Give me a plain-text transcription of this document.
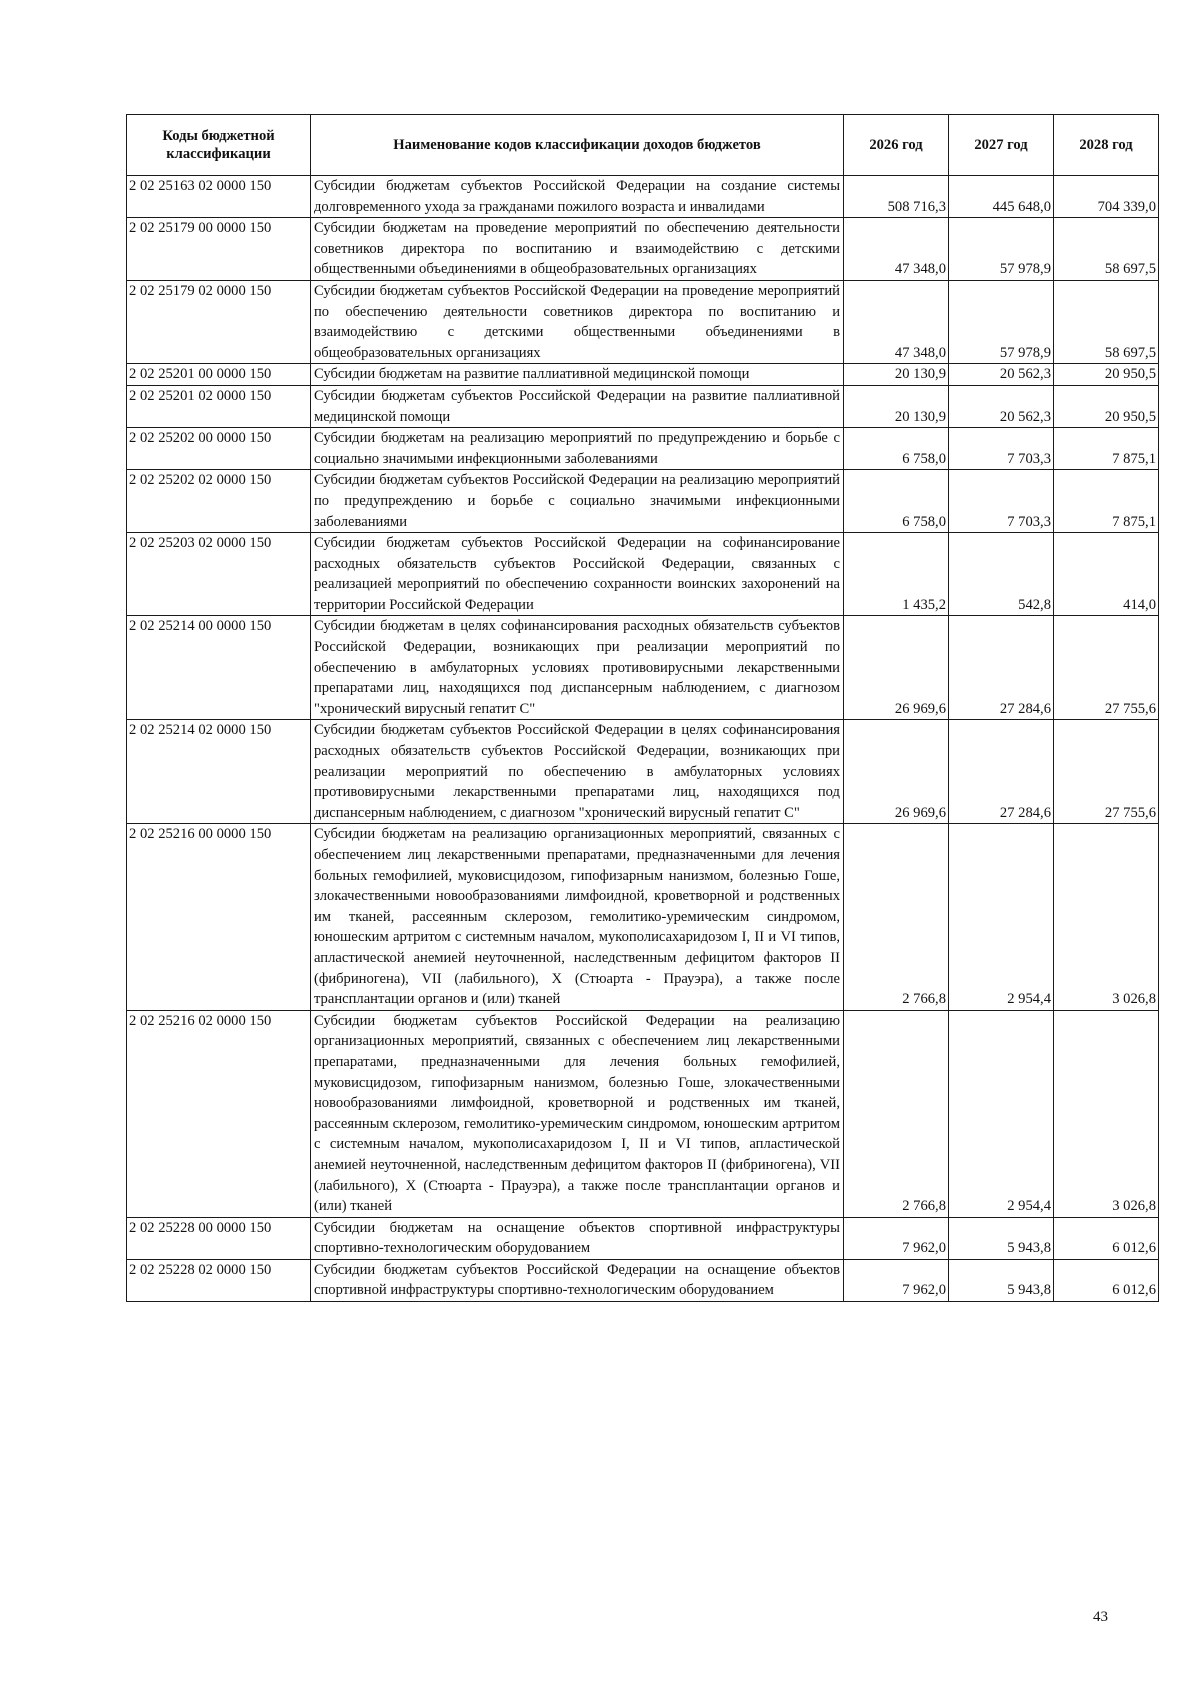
Коды бюджетной классификации	Наименование кодов классификации доходов бюджетов	2026 год	2027 год	2028 год
2 02 25163 02 0000 150	Субсидии бюджетам субъектов Российской Федерации на создание системы долговременного ухода за гражданами пожилого возраста и инвалидами	508 716,3	445 648,0	704 339,0
2 02 25179 00 0000 150	Субсидии бюджетам на проведение мероприятий по обеспечению деятельности советников директора по воспитанию и взаимодействию с детскими общественными объединениями в общеобразовательных организациях	47 348,0	57 978,9	58 697,5
2 02 25179 02 0000 150	Субсидии бюджетам субъектов Российской Федерации на проведение мероприятий по обеспечению деятельности советников директора по воспитанию и взаимодействию с детскими общественными объединениями в общеобразовательных организациях	47 348,0	57 978,9	58 697,5
2 02 25201 00 0000 150	Субсидии бюджетам на развитие паллиативной медицинской помощи	20 130,9	20 562,3	20 950,5
2 02 25201 02 0000 150	Субсидии бюджетам субъектов Российской Федерации на развитие паллиативной медицинской помощи	20 130,9	20 562,3	20 950,5
2 02 25202 00 0000 150	Субсидии бюджетам на реализацию мероприятий по предупреждению и борьбе с социально значимыми инфекционными заболеваниями	6 758,0	7 703,3	7 875,1
2 02 25202 02 0000 150	Субсидии бюджетам субъектов Российской Федерации на реализацию мероприятий по предупреждению и борьбе с социально значимыми инфекционными заболеваниями	6 758,0	7 703,3	7 875,1
2 02 25203 02 0000 150	Субсидии бюджетам субъектов Российской Федерации на софинансирование расходных обязательств субъектов Российской Федерации, связанных с реализацией мероприятий по обеспечению сохранности воинских захоронений на территории Российской Федерации	1 435,2	542,8	414,0
2 02 25214 00 0000 150	Субсидии бюджетам в целях софинансирования расходных обязательств субъектов Российской Федерации, возникающих при реализации мероприятий по обеспечению в амбулаторных условиях противовирусными лекарственными препаратами лиц, находящихся под диспансерным наблюдением, с диагнозом "хронический вирусный гепатит С"	26 969,6	27 284,6	27 755,6
2 02 25214 02 0000 150	Субсидии бюджетам субъектов Российской Федерации в целях софинансирования расходных обязательств субъектов Российской Федерации, возникающих при реализации мероприятий по обеспечению в амбулаторных условиях противовирусными лекарственными препаратами лиц, находящихся под диспансерным наблюдением, с диагнозом "хронический вирусный гепатит С"	26 969,6	27 284,6	27 755,6
2 02 25216 00 0000 150	Субсидии бюджетам на реализацию организационных мероприятий, связанных с обеспечением лиц лекарственными препаратами, предназначенными для лечения больных гемофилией, муковисцидозом, гипофизарным нанизмом, болезнью Гоше, злокачественными новообразованиями лимфоидной, кроветворной и родственных им тканей, рассеянным склерозом, гемолитико-уремическим синдромом, юношеским артритом с системным началом, мукополисахаридозом I, II и VI типов, апластической анемией неуточненной, наследственным дефицитом факторов II (фибриногена), VII (лабильного), X (Стюарта - Прауэра), а также после трансплантации органов и (или) тканей	2 766,8	2 954,4	3 026,8
2 02 25216 02 0000 150	Субсидии бюджетам субъектов Российской Федерации на реализацию организационных мероприятий, связанных с обеспечением лиц лекарственными препаратами, предназначенными для лечения больных гемофилией, муковисцидозом, гипофизарным нанизмом, болезнью Гоше, злокачественными новообразованиями лимфоидной, кроветворной и родственных им тканей, рассеянным склерозом, гемолитико-уремическим синдромом, юношеским артритом с системным началом, мукополисахаридозом I, II и VI типов, апластической анемией неуточненной, наследственным дефицитом факторов II (фибриногена), VII (лабильного), X (Стюарта - Прауэра), а также после трансплантации органов и (или) тканей	2 766,8	2 954,4	3 026,8
2 02 25228 00 0000 150	Субсидии бюджетам на оснащение объектов спортивной инфраструктуры спортивно-технологическим оборудованием	7 962,0	5 943,8	6 012,6
2 02 25228 02 0000 150	Субсидии бюджетам субъектов Российской Федерации на оснащение объектов спортивной инфраструктуры спортивно-технологическим оборудованием	7 962,0	5 943,8	6 012,6
43
